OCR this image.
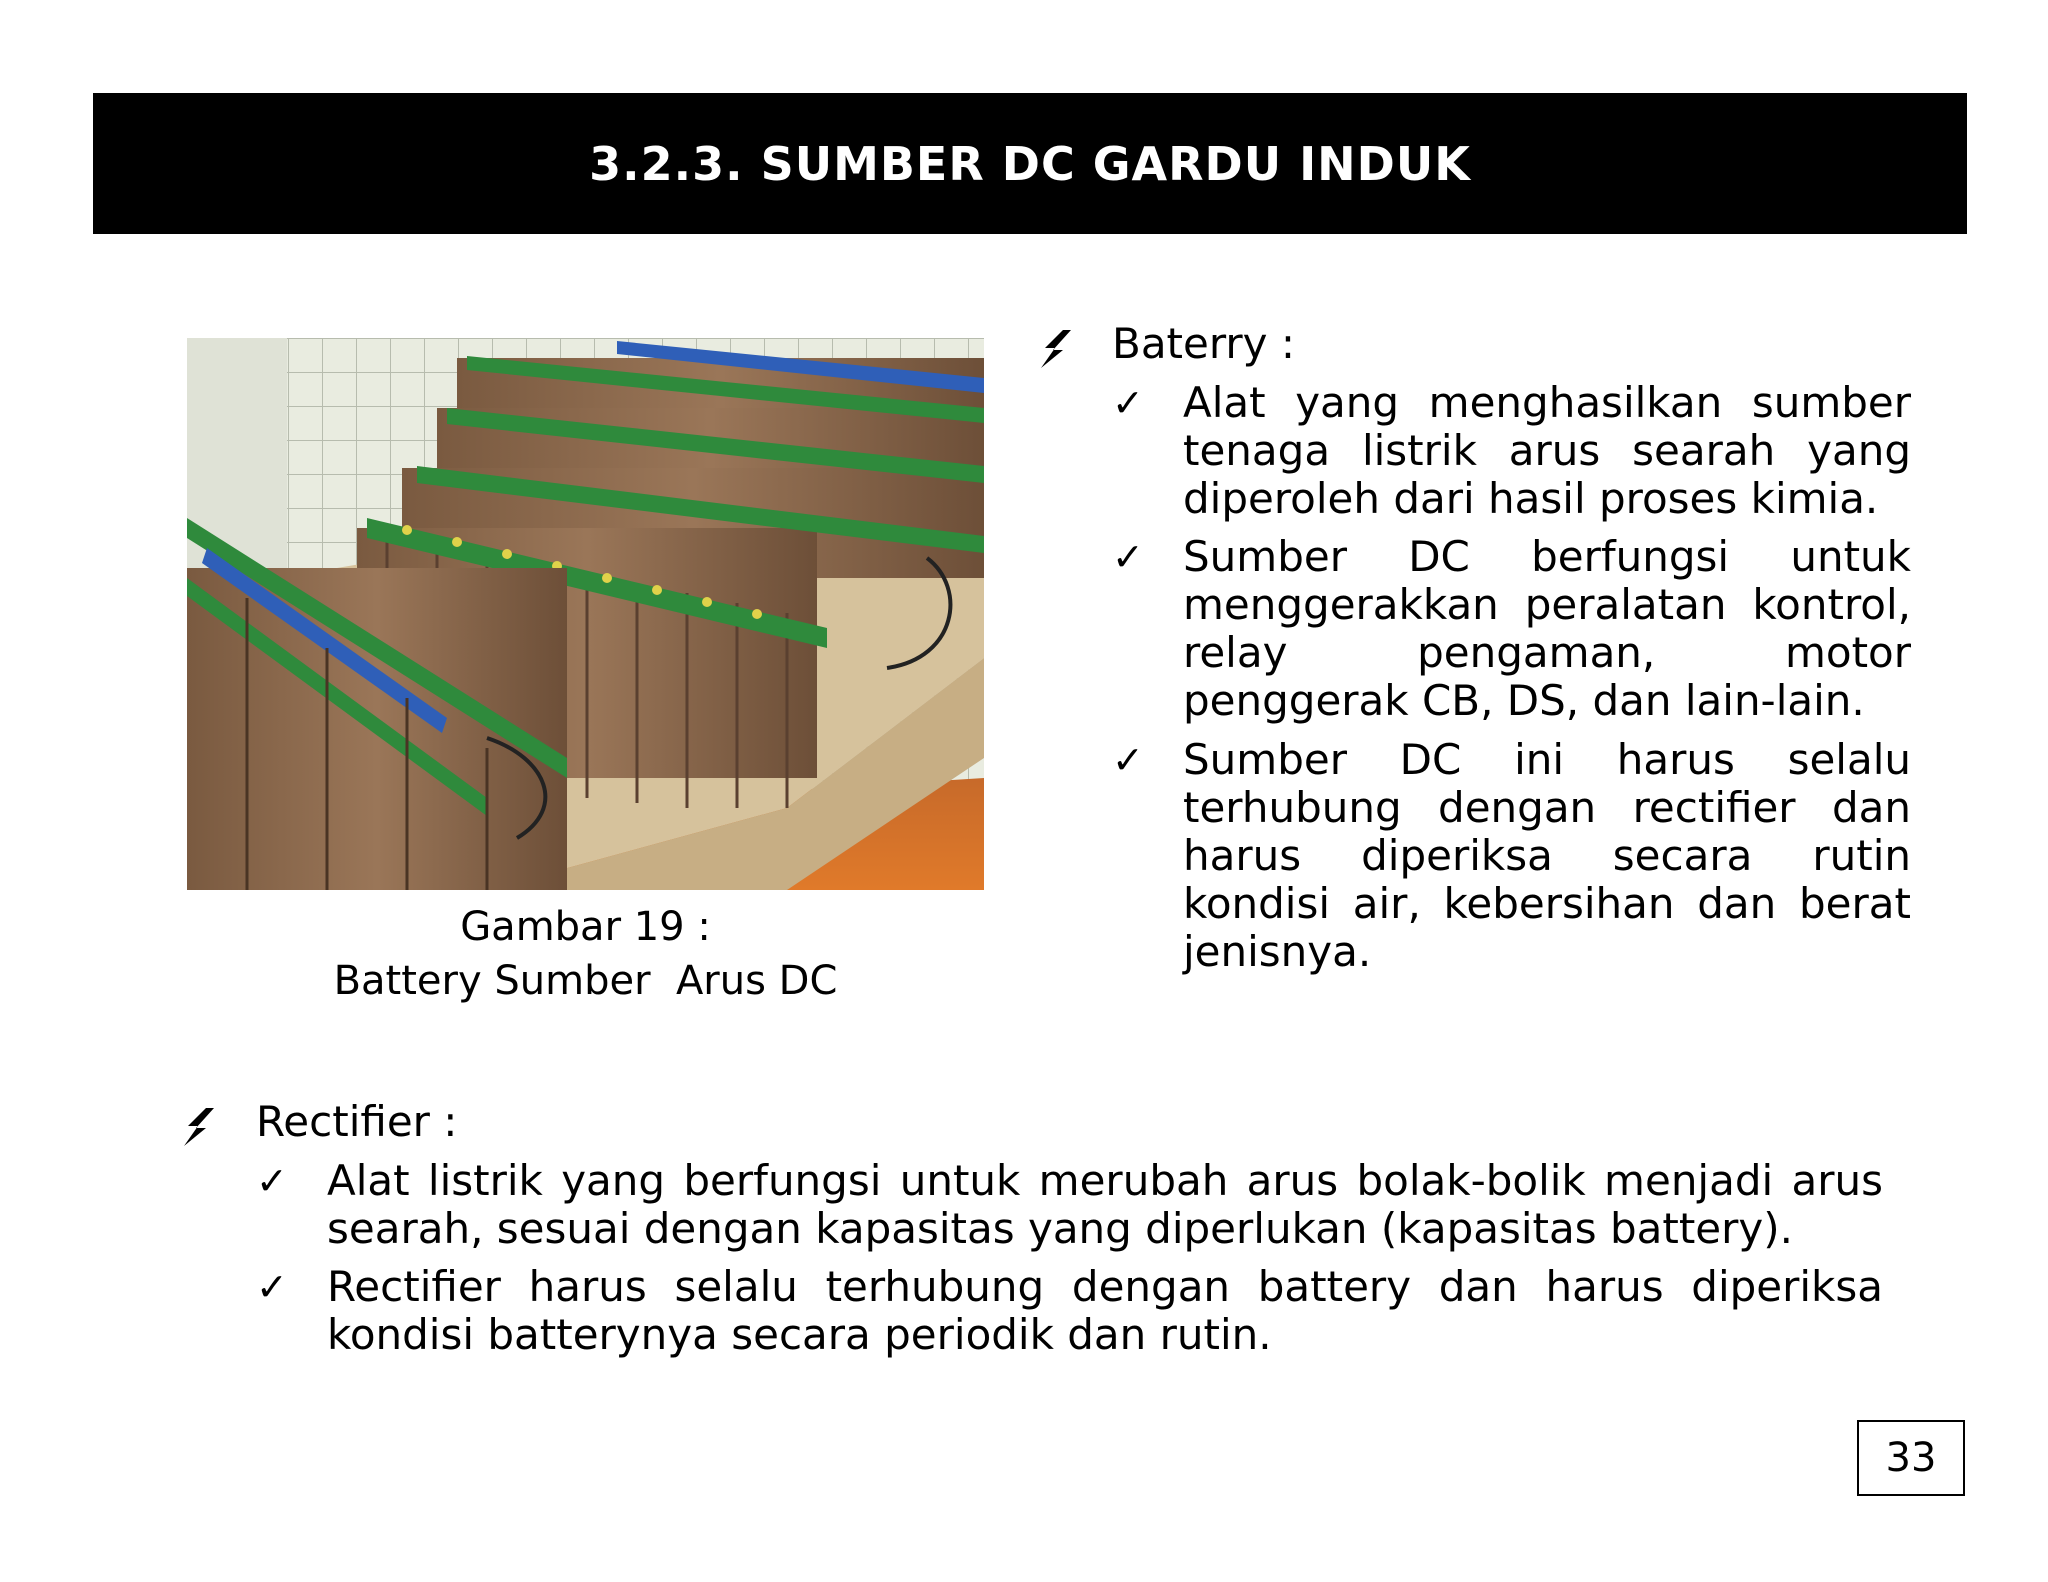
3.2.3. SUMBER DC GARDU INDUK
Gambar 19 :
Battery Sumber  Arus DC
Baterry :
✓ Alat yang menghasilkan sumber tenaga listrik arus searah yang diperoleh dari hasil proses kimia.
✓ Sumber DC berfungsi untuk menggerakkan peralatan kontrol, relay pengaman, motor penggerak CB, DS, dan lain-lain.
✓ Sumber DC ini harus selalu terhubung dengan rectifier dan harus diperiksa secara rutin kondisi air, kebersihan dan berat jenisnya.
Rectifier :
✓ Alat listrik yang berfungsi untuk merubah arus bolak-bolik menjadi arus searah, sesuai dengan kapasitas yang diperlukan (kapasitas battery).
✓ Rectifier harus selalu terhubung dengan battery dan harus diperiksa kondisi batterynya secara periodik dan rutin.
33
